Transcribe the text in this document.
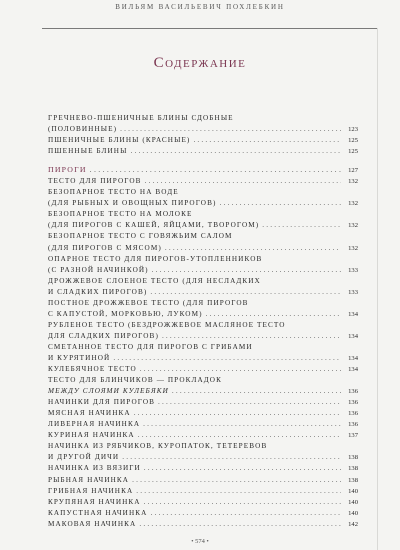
ВИЛЬЯМ ВАСИЛЬЕВИЧ ПОХЛЕБКИН
Содержание
ГРЕЧНЕВО-ПШЕНИЧНЫЕ БЛИНЫ СДОБНЫЕ
(ПОЛОВИННЫЕ) . . .	123
ПШЕНИЧНЫЕ БЛИНЫ (КРАСНЫЕ) . . .	125
ПШЕННЫЕ БЛИНЫ . . .	125
ПИРОГИ . . .	127
ТЕСТО ДЛЯ ПИРОГОВ . . .	132
БЕЗОПАРНОЕ ТЕСТО НА ВОДЕ
(ДЛЯ РЫБНЫХ И ОВОЩНЫХ ПИРОГОВ) . . .	132
БЕЗОПАРНОЕ ТЕСТО НА МОЛОКЕ
(ДЛЯ ПИРОГОВ С КАШЕЙ, ЯЙЦАМИ, ТВОРОГОМ) . . .	132
БЕЗОПАРНОЕ ТЕСТО С ГОВЯЖЬИМ САЛОМ
(ДЛЯ ПИРОГОВ С МЯСОМ) . . .	132
ОПАРНОЕ ТЕСТО ДЛЯ ПИРОГОВ-УТОПЛЕННИКОВ
(С РАЗНОЙ НАЧИНКОЙ) . . .	133
ДРОЖЖЕВОЕ СЛОЕНОЕ ТЕСТО (ДЛЯ НЕСЛАДКИХ
И СЛАДКИХ ПИРОГОВ) . . .	133
ПОСТНОЕ ДРОЖЖЕВОЕ ТЕСТО (ДЛЯ ПИРОГОВ
С КАПУСТОЙ, МОРКОВЬЮ, ЛУКОМ) . . .	134
РУБЛЕНОЕ ТЕСТО (БЕЗДРОЖЖЕВОЕ МАСЛЯНОЕ ТЕСТО
ДЛЯ СЛАДКИХ ПИРОГОВ) . . .	134
СМЕТАННОЕ ТЕСТО ДЛЯ ПИРОГОВ С ГРИБАМИ
И КУРЯТИНОЙ . . .	134
КУЛЕБЯЧНОЕ ТЕСТО . . .	134
ТЕСТО ДЛЯ БЛИНЧИКОВ — ПРОКЛАДОК
МЕЖДУ СЛОЯМИ КУЛЕБЯКИ . . .	136
НАЧИНКИ ДЛЯ ПИРОГОВ . . .	136
МЯСНАЯ НАЧИНКА . . .	136
ЛИВЕРНАЯ НАЧИНКА . . .	136
КУРИНАЯ НАЧИНКА . . .	137
НАЧИНКА ИЗ РЯБЧИКОВ, КУРОПАТОК, ТЕТЕРЕВОВ
И ДРУГОЙ ДИЧИ . . .	138
НАЧИНКА ИЗ ВЯЗИГИ . . .	138
РЫБНАЯ НАЧИНКА . . .	138
ГРИБНАЯ НАЧИНКА . . .	140
КРУПЯНАЯ НАЧИНКА . . .	140
КАПУСТНАЯ НАЧИНКА . . .	140
МАКОВАЯ НАЧИНКА . . .	142
• 574 •
